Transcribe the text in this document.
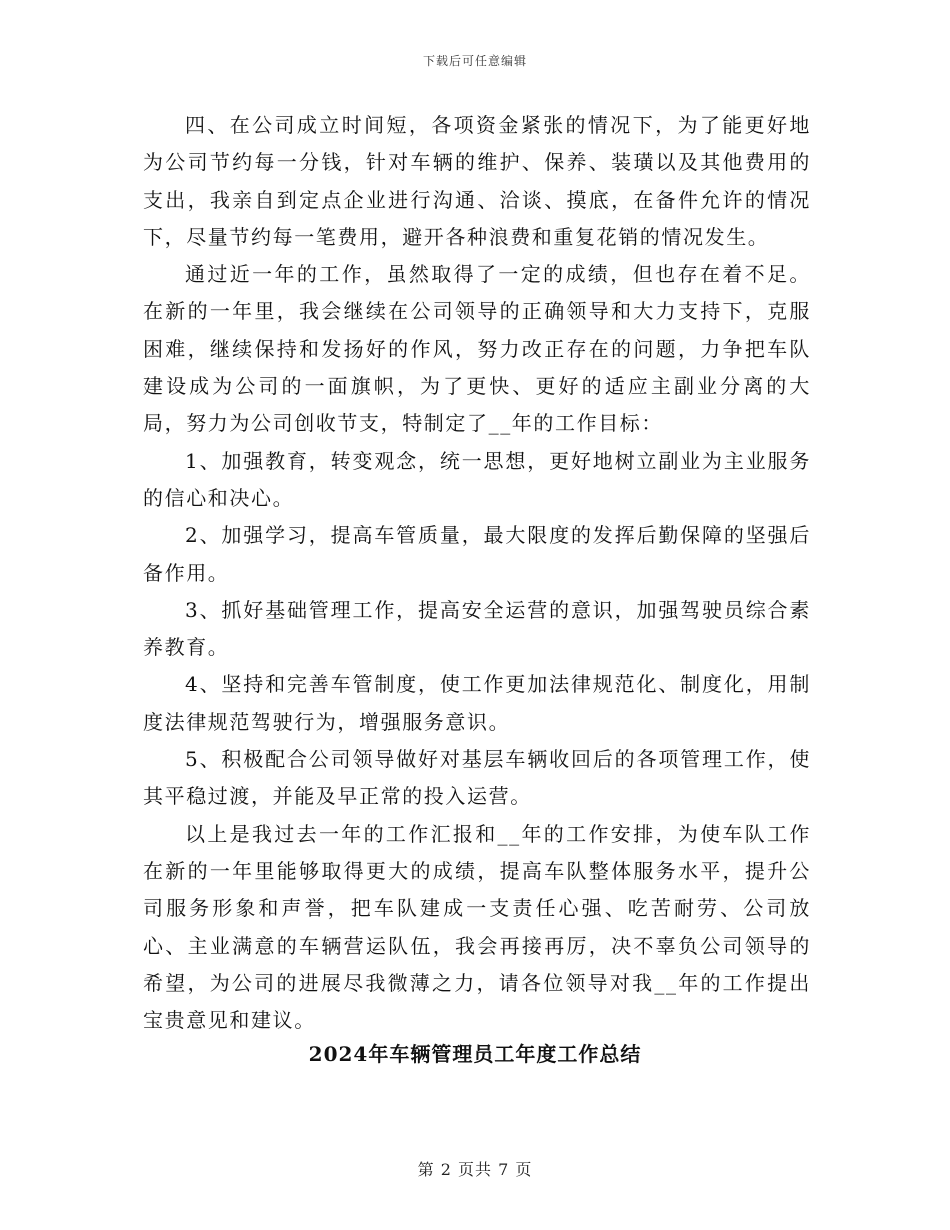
下载后可任意编辑

四、在公司成立时间短，各项资金紧张的情况下，为了能更好地为公司节约每一分钱，针对车辆的维护、保养、装璜以及其他费用的支出，我亲自到定点企业进行沟通、洽谈、摸底，在备件允许的情况下，尽量节约每一笔费用，避开各种浪费和重复花销的情况发生。

通过近一年的工作，虽然取得了一定的成绩，但也存在着不足。在新的一年里，我会继续在公司领导的正确领导和大力支持下，克服困难，继续保持和发扬好的作风，努力改正存在的问题，力争把车队建设成为公司的一面旗帜，为了更快、更好的适应主副业分离的大局，努力为公司创收节支，特制定了__年的工作目标：

1、加强教育，转变观念，统一思想，更好地树立副业为主业服务的信心和决心。

2、加强学习，提高车管质量，最大限度的发挥后勤保障的坚强后备作用。

3、抓好基础管理工作，提高安全运营的意识，加强驾驶员综合素养教育。

4、坚持和完善车管制度，使工作更加法律规范化、制度化，用制度法律规范驾驶行为，增强服务意识。

5、积极配合公司领导做好对基层车辆收回后的各项管理工作，使其平稳过渡，并能及早正常的投入运营。

以上是我过去一年的工作汇报和__年的工作安排，为使车队工作在新的一年里能够取得更大的成绩，提高车队整体服务水平，提升公司服务形象和声誉，把车队建成一支责任心强、吃苦耐劳、公司放心、主业满意的车辆营运队伍，我会再接再厉，决不辜负公司领导的希望，为公司的进展尽我微薄之力，请各位领导对我__年的工作提出宝贵意见和建议。

2024年车辆管理员工年度工作总结
第 2 页共 7 页
